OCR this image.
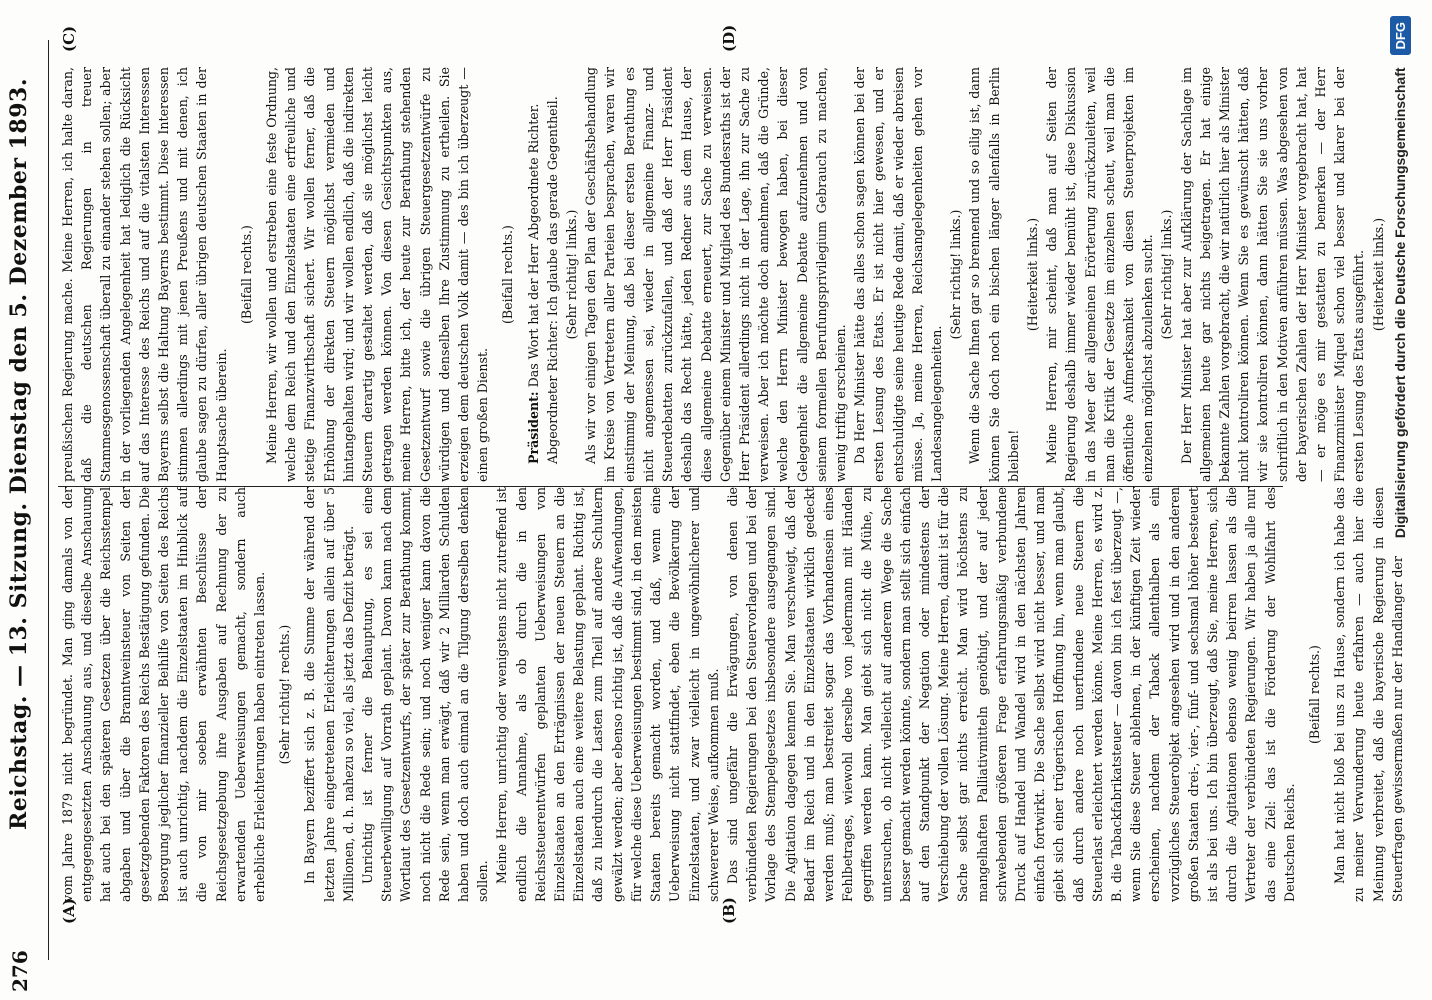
276
Reichstag. — 13. Sitzung. Dienstag den 5. Dezember 1893.
(A)	(B)
(C)	(D)

vom Jahre 1879 nicht begründet. Man ging damals von der entgegengesetzten Anschauung aus, und dieselbe Anschauung hat auch bei den späteren Gesetzen über die Reichsstempel abgaben und über die Branntweinsteuer von Seiten der gesetzgebenden Faktoren des Reichs Bestätigung gefunden. Die Besorgung jeglicher finanzieller Beihilfe von Seiten des Reichs ist auch unrichtig, nachdem die Einzelstaaten im Hinblick auf die von mir soeben erwähnten Beschlüsse der Reichsgesetzgebung ihre Ausgaben auf Rechnung der zu erwartenden Ueberweisungen gemacht, sondern auch erhebliche Erleichterungen haben eintreten lassen. (Sehr richtig! rechts.) In Bayern beziffert sich z. B. die Summe der während der letzten Jahre eingetretenen Erleichterungen allein auf über 5 Millionen, d. h. nahezu so viel, als jetzt das Defizit beträgt. Unrichtig ist ferner die Behauptung, es sei eine Steuerbewilligung auf Vorrath geplant. Davon kann nach dem Wortlaut des Gesetzentwurfs, der später zur Berathung kommt, noch nicht die Rede sein; und noch weniger kann davon die Rede sein, wenn man erwägt, daß wir 2 Milliarden Schulden haben und doch auch einmal an die Tilgung derselben denken sollen. Meine Herren, unrichtig oder wenigstens nicht zutreffend ist endlich die Annahme, als ob durch die in den Reichssteuerentwürfen geplanten Ueberweisungen von Einzelstaaten an den Erträgnissen der neuen Steuern an die Einzelstaaten auch eine weitere Belastung geplant. Richtig ist, daß zu hierdurch die Lasten zum Theil auf andere Schultern gewälzt werden; aber ebenso richtig ist, daß die Aufwendungen, für welche diese Ueberweisungen bestimmt sind, in den meisten Staaten bereits gemacht worden, und daß, wenn eine Ueberweisung nicht stattfindet, eben die Bevölkerung der Einzelstaaten, und zwar vielleicht in ungewöhnlicherer und schwererer Weise, aufkommen muß. Das sind ungefähr die Erwägungen, von denen die verbündeten Regierungen bei den Steuervorlagen und bei der Vorlage des Stempelgesetzes insbesondere ausgegangen sind. Die Agitation dagegen kennen Sie. Man verschweigt, daß der Bedarf im Reich und in den Einzelstaaten wirklich gedeckt werden muß; man bestreitet sogar das Vorhandensein eines Fehlbetrages, wiewohl derselbe von jedermann mit Händen gegriffen werden kann. Man giebt sich nicht die Mühe, zu untersuchen, ob nicht vielleicht auf anderem Wege die Sache besser gemacht werden könnte, sondern man stellt sich einfach auf den Standpunkt der Negation oder mindestens der Verschiebung der vollen Lösung. Meine Herren, damit ist für die Sache selbst gar nichts erreicht. Man wird höchstens zu mangelhaften Palliativmitteln genöthigt, und der auf jeder schwebenden größeren Frage erfahrungsmäßig verbundene Druck auf Handel und Wandel wird in den nächsten Jahren einfach fortwirkt. Die Sache selbst wird nicht besser, und man giebt sich einer trügerischen Hoffnung hin, wenn man glaubt, daß durch andere noch unerfundene neue Steuern die Steuerlast erleichtert werden könne. Meine Herren, es wird z. B. die Tabackfabrikatsteuer — davon bin ich fest überzeugt —, wenn Sie diese Steuer ablehnen, in der künftigen Zeit wieder erscheinen, nachdem der Taback allenthalben als ein vorzügliches Steuerobjekt angesehen wird und in den anderen großen Staaten drei-, vier-, fünf- und sechsmal höher besteuert ist als bei uns. Ich bin überzeugt, daß Sie, meine Herren, sich durch die Agitationen ebenso wenig beirren lassen als die Vertreter der verbündeten Regierungen. Wir haben ja alle nur das eine Ziel: das ist die Förderung der Wohlfahrt des Deutschen Reichs.

(Beifall rechts.) Man hat nicht bloß bei uns zu Hause, sondern ich habe das zu meiner Verwunderung heute erfahren — auch hier die Meinung verbreitet, daß die bayerische Regierung in diesen Steuerfragen gewissermaßen nur der Handlanger der

preußischen Regierung mache. Meine Herren, ich halte daran, daß die deutschen Regierungen in treuer Stammesgenossenschaft überall zu einander stehen sollen; aber in der vorliegenden Angelegenheit hat lediglich die Rücksicht auf das Interesse des Reichs und auf die vitalsten Interessen Bayerns selbst die Haltung Bayerns bestimmt. Diese Interessen stimmen allerdings mit jenen Preußens und mit denen, ich glaube sagen zu dürfen, aller übrigen deutschen Staaten in der Hauptsache überein.

(Beifall rechts.) Meine Herren, wir wollen und erstreben eine feste Ordnung, welche dem Reich und den Einzelstaaten eine erfreuliche und stetige Finanzwirthschaft sichert. Wir wollen ferner, daß die Erhöhung der direkten Steuern möglichst vermieden und hintangehalten wird; und wir wollen endlich, daß die indirekten Steuern derartig gestaltet werden, daß sie möglichst leicht getragen werden können. Von diesen Gesichtspunkten aus, meine Herren, bitte ich, der heute zur Berathung stehenden Gesetzentwurf sowie die übrigen Steuergesetzentwürfe zu würdigen und denselben Ihre Zustimmung zu ertheilen. Sie erzeigen dem deutschen Volk damit — des bin ich überzeugt — einen großen Dienst.

(Beifall rechts.)

Präsident: Das Wort hat der Herr Abgeordnete Richter.

Abgeordneter Richter: Ich glaube das gerade Gegentheil. (Sehr richtig! links.) Als wir vor einigen Tagen den Plan der Geschäftsbehandlung im Kreise von Vertretern aller Parteien besprachen, waren wir einstimmig der Meinung, daß bei dieser ersten Berathung es nicht angemessen sei, wieder in allgemeine Finanz- und Steuerdebatten zurückzufallen, und daß der Herr Präsident deshalb das Recht hätte, jeden Redner aus dem Hause, der diese allgemeine Debatte erneuert, zur Sache zu verweisen. Gegenüber einem Minister und Mitglied des Bundesraths ist der Herr Präsident allerdings nicht in der Lage, ihn zur Sache zu verweisen. Aber ich möchte doch annehmen, daß die Gründe, welche den Herrn Minister bewogen haben, bei dieser Gelegenheit die allgemeine Debatte aufzunehmen und von seinem formellen Berufungsprivilegium Gebrauch zu machen, wenig triftig erscheinen. Da Herr Minister hätte das alles schon sagen können bei der ersten Lesung des Etats. Er ist nicht hier gewesen, und er entschuldigte seine heutige Rede damit, daß er wieder abreisen müsse. Ja, meine Herren, Reichsangelegenheiten gehen vor Landesangelegenheiten.

(Sehr richtig! links.) Wenn die Sache Ihnen gar so brennend und so eilig ist, dann können Sie doch noch ein bischen länger allenfalls in Berlin bleiben!

(Heiterkeit links.) Meine Herren, mir scheint, daß man auf Seiten der Regierung deshalb immer wieder bemüht ist, diese Diskussion in das Meer der allgemeinen Erörterung zurückzuleiten, weil man die Kritik der Gesetze im einzelnen scheut, weil man die öffentliche Aufmerksamkeit von diesen Steuerprojekten im einzelnen möglichst abzulenken sucht. (Sehr richtig! links.) Der Herr Minister hat aber zur Aufklärung der Sachlage im allgemeinen heute gar nichts beigetragen. Er hat einige bekannte Zahlen vorgebracht, die wir natürlich hier als Minister nicht kontroliren können. Wenn Sie es gewünscht hätten, daß wir sie kontroliren können, dann hätten Sie sie uns vorher schriftlich in den Motiven anführen müssen. Was abgesehen von der bayerischen Zahlen der Herr Minister vorgebracht hat, hat — er möge es mir gestatten zu bemerken — der Herr Finanzminister Miquel schon viel besser und klarer bei der ersten Lesung des Etats ausgeführt. (Heiterkeit links.) Digitalisierung gefördert durch die Deutsche Forschungsgemeinschaft
DFG
